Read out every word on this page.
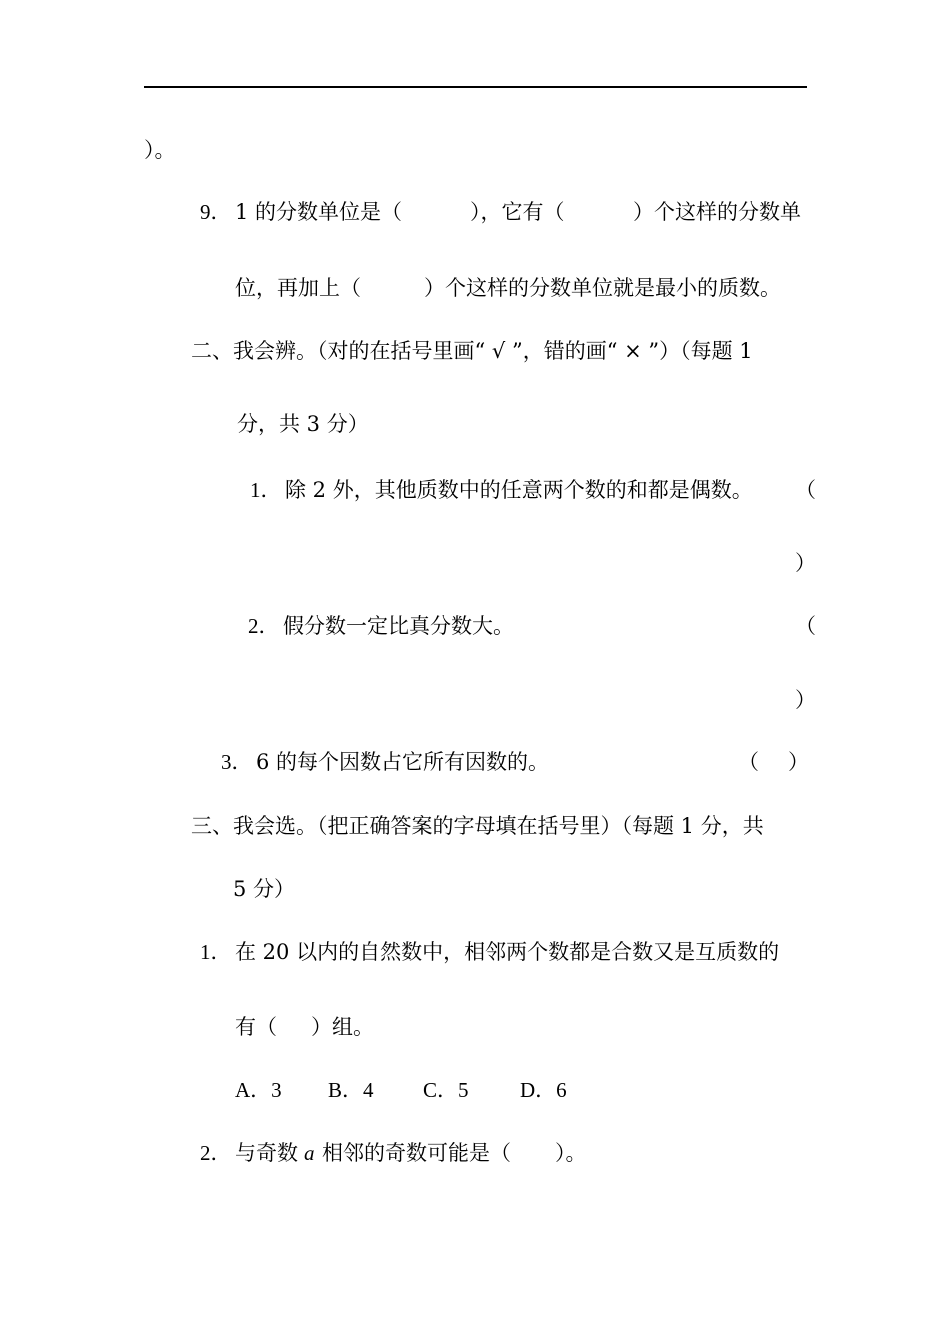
）。
9． 1 的分数单位是（	），它有（	）个这样的分数单
位，再加上（	）个这样的分数单位就是最小的质数。
二、我会辨。（对的在括号里画“ √ ”，错的画“ × ”）（每题 1
分，共 3 分）
1． 除 2 外，其他质数中的任意两个数的和都是偶数。 （
）
2． 假分数一定比真分数大。	（
）
3． 6 的每个因数占它所有因数的。	（ ）
三、我会选。（把正确答案的字母填在括号里）（每题 1 分，共
5 分）
1． 在 20 以内的自然数中，相邻两个数都是合数又是互质数的
有（ ）组。
A．3 B．4 C．5 D．6
2． 与奇数 a 相邻的奇数可能是（ ）。
